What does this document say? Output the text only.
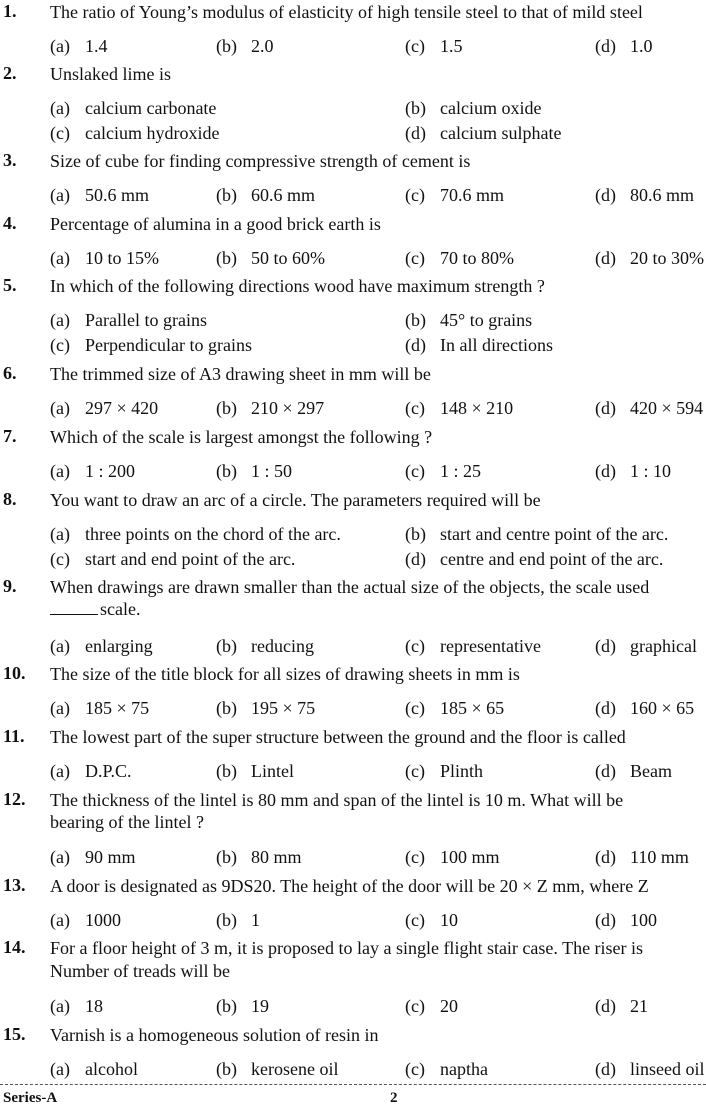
1. The ratio of Young’s modulus of elasticity of high tensile steel to that of mild steel
(a) 1.4	(b) 2.0	(c) 1.5	(d) 1.0
2. Unslaked lime is
(a) calcium carbonate	(b) calcium oxide
(c) calcium hydroxide	(d) calcium sulphate
3. Size of cube for finding compressive strength of cement is
(a) 50.6 mm	(b) 60.6 mm	(c) 70.6 mm	(d) 80.6 mm
4. Percentage of alumina in a good brick earth is
(a) 10 to 15%	(b) 50 to 60%	(c) 70 to 80%	(d) 20 to 30%
5. In which of the following directions wood have maximum strength ?
(a) Parallel to grains	(b) 45° to grains
(c) Perpendicular to grains	(d) In all directions
6. The trimmed size of A3 drawing sheet in mm will be
(a) 297 × 420	(b) 210 × 297	(c) 148 × 210	(d) 420 × 594
7. Which of the scale is largest amongst the following ?
(a) 1 : 200	(b) 1 : 50	(c) 1 : 25	(d) 1 : 10
8. You want to draw an arc of a circle. The parameters required will be
(a) three points on the chord of the arc.	(b) start and centre point of the arc.
(c) start and end point of the arc.	(d) centre and end point of the arc.
9. When drawings are drawn smaller than the actual size of the objects, the scale used
scale.
(a) enlarging	(b) reducing	(c) representative	(d) graphical
10. The size of the title block for all sizes of drawing sheets in mm is
(a) 185 × 75	(b) 195 × 75	(c) 185 × 65	(d) 160 × 65
11. The lowest part of the super structure between the ground and the floor is called
(a) D.P.C.	(b) Lintel	(c) Plinth	(d) Beam
12. The thickness of the lintel is 80 mm and span of the lintel is 10 m. What will be
bearing of the lintel ?
(a) 90 mm	(b) 80 mm	(c) 100 mm	(d) 110 mm
13. A door is designated as 9DS20. The height of the door will be 20 × Z mm, where Z
(a) 1000	(b) 1	(c) 10	(d) 100
14. For a floor height of 3 m, it is proposed to lay a single flight stair case. The riser is
Number of treads will be
(a) 18	(b) 19	(c) 20	(d) 21
15. Varnish is a homogeneous solution of resin in
(a) alcohol	(b) kerosene oil	(c) naptha	(d) linseed oil
Series-A	2
